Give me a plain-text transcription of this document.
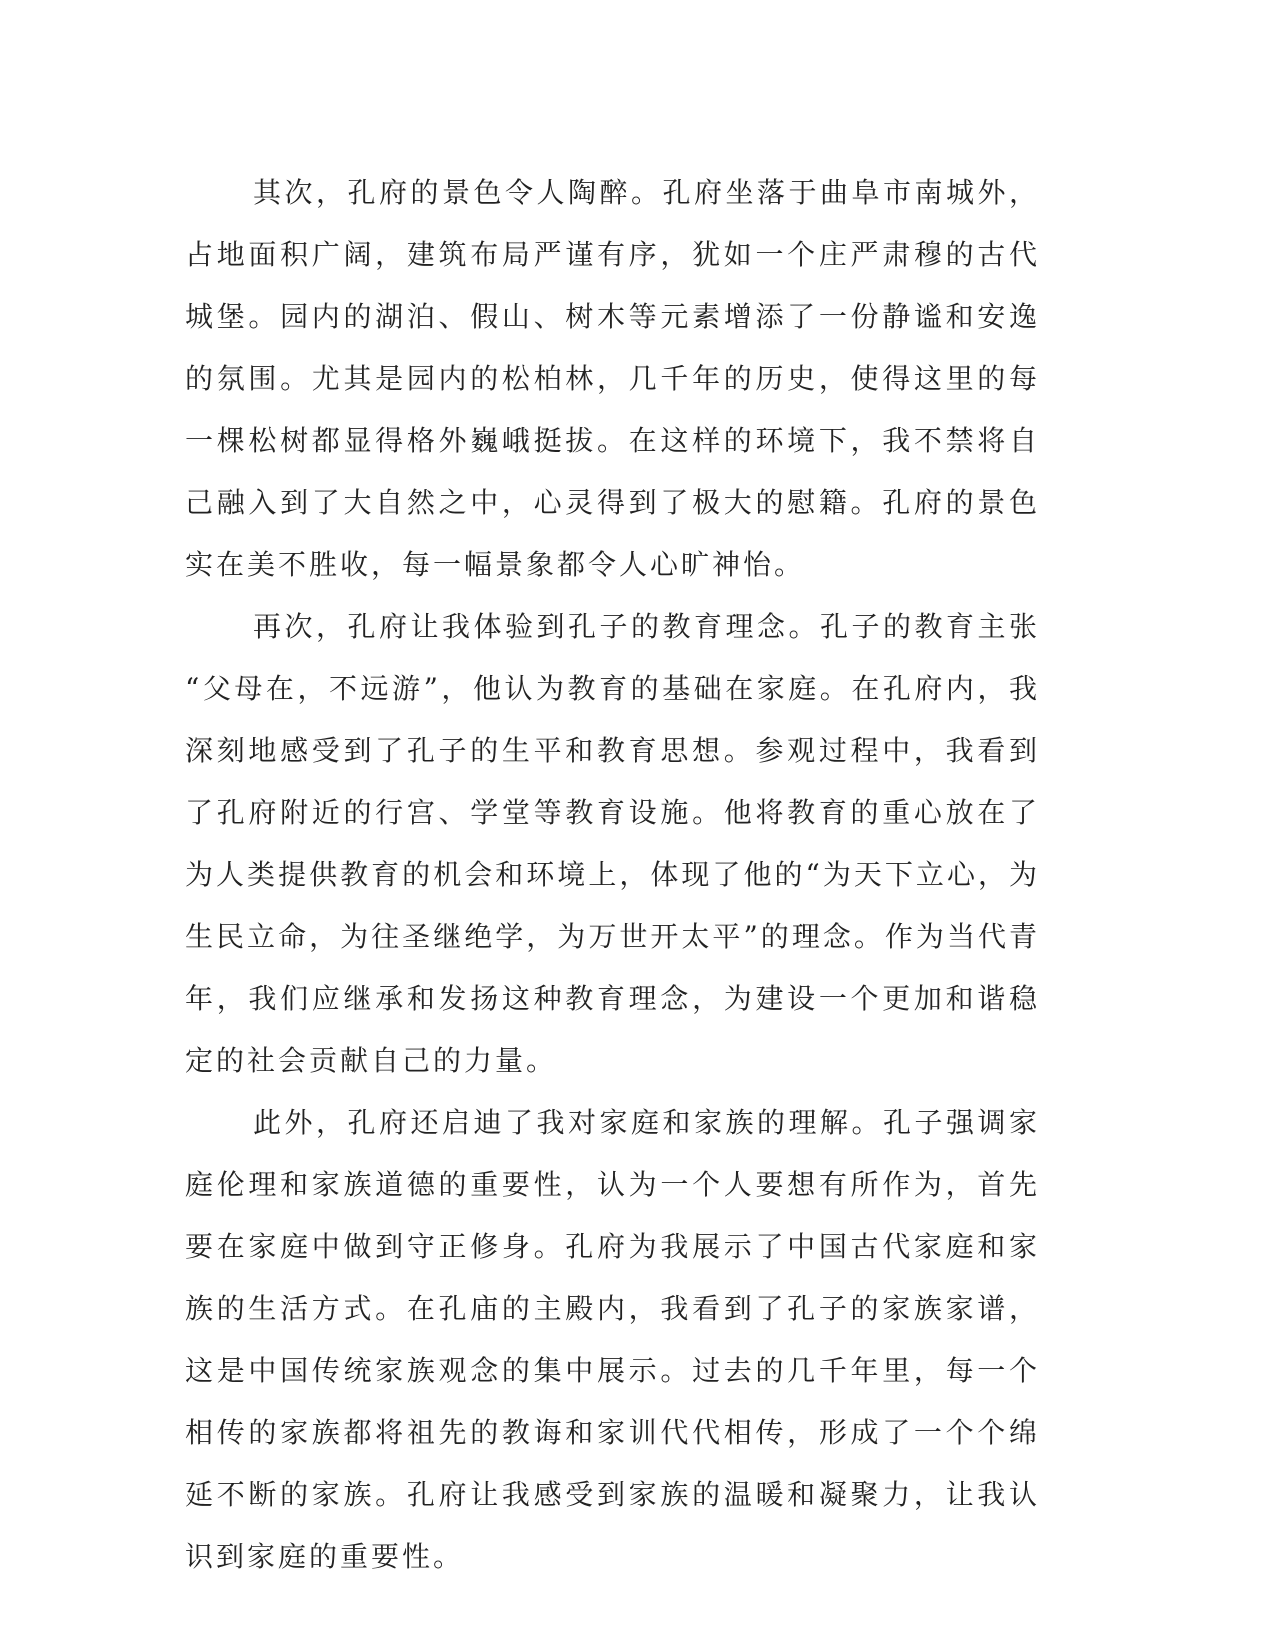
其次，孔府的景色令人陶醉。孔府坐落于曲阜市南城外，占地面积广阔，建筑布局严谨有序，犹如一个庄严肃穆的古代城堡。园内的湖泊、假山、树木等元素增添了一份静谧和安逸的氛围。尤其是园内的松柏林，几千年的历史，使得这里的每一棵松树都显得格外巍峨挺拔。在这样的环境下，我不禁将自己融入到了大自然之中，心灵得到了极大的慰籍。孔府的景色实在美不胜收，每一幅景象都令人心旷神怡。

再次，孔府让我体验到孔子的教育理念。孔子的教育主张“父母在，不远游”，他认为教育的基础在家庭。在孔府内，我深刻地感受到了孔子的生平和教育思想。参观过程中，我看到了孔府附近的行宫、学堂等教育设施。他将教育的重心放在了为人类提供教育的机会和环境上，体现了他的“为天下立心，为生民立命，为往圣继绝学，为万世开太平”的理念。作为当代青年，我们应继承和发扬这种教育理念，为建设一个更加和谐稳定的社会贡献自己的力量。

此外，孔府还启迪了我对家庭和家族的理解。孔子强调家庭伦理和家族道德的重要性，认为一个人要想有所作为，首先要在家庭中做到守正修身。孔府为我展示了中国古代家庭和家族的生活方式。在孔庙的主殿内，我看到了孔子的家族家谱，这是中国传统家族观念的集中展示。过去的几千年里，每一个相传的家族都将祖先的教诲和家训代代相传，形成了一个个绵延不断的家族。孔府让我感受到家族的温暖和凝聚力，让我认识到家庭的重要性。
